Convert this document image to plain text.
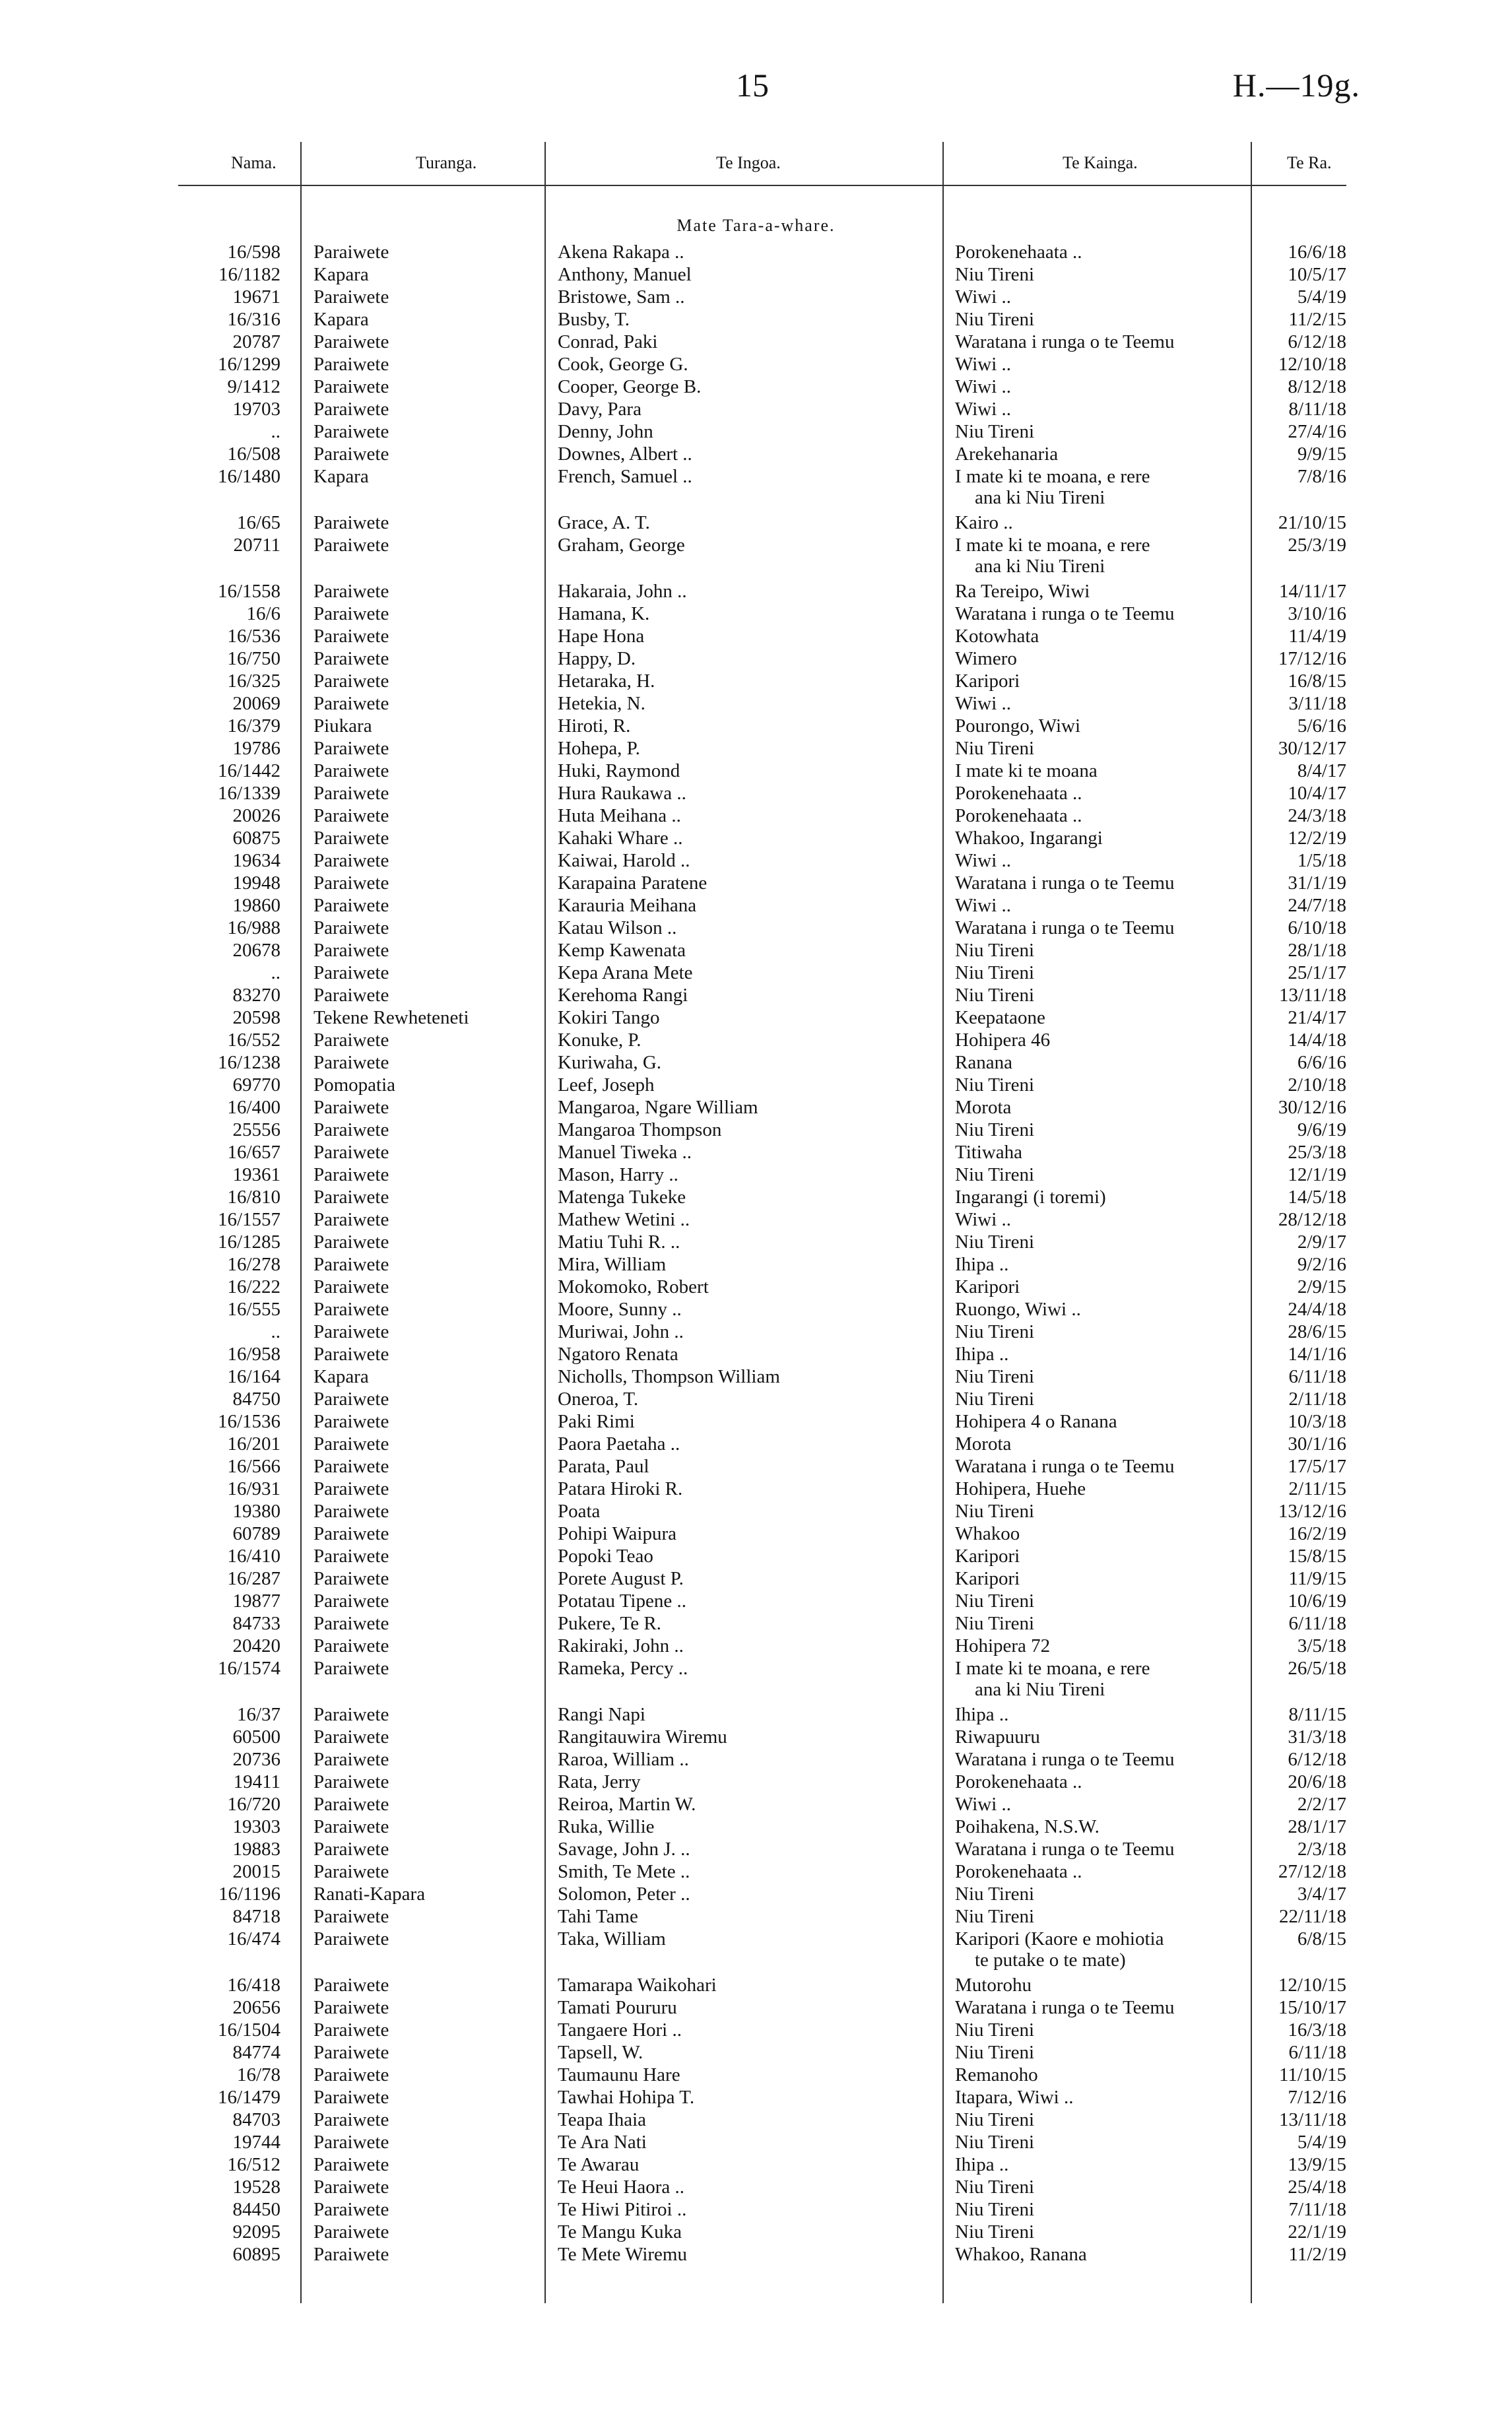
15	H.—19g.
Nama.	Turanga.	Te Ingoa.	Te Kainga.	Te Ra.
Mate Tara-a-whare.
16/598 Paraiwete	Akena Rakapa ..	Porokenehaata ..	16/6/18
16/1182 Kapara	Anthony, Manuel	Niu Tireni	10/5/17
19671 Paraiwete	Bristowe, Sam ..	Wiwi ..	5/4/19
16/316 Kapara	Busby, T.	Niu Tireni	11/2/15
20787 Paraiwete	Conrad, Paki	Waratana i runga o te Teemu	6/12/18
16/1299 Paraiwete	Cook, George G.	Wiwi ..	12/10/18
9/1412 Paraiwete	Cooper, George B.	Wiwi ..	8/12/18
19703 Paraiwete	Davy, Para	Wiwi ..	8/11/18
.. Paraiwete	Denny, John	Niu Tireni	27/4/16
16/508 Paraiwete	Downes, Albert ..	Arekehanaria	9/9/15
16/1480 Kapara	French, Samuel ..	I mate ki te moana, e rere	7/8/16
ana ki Niu Tireni
16/65 Paraiwete	Grace, A. T.	Kairo ..	21/10/15
20711 Paraiwete	Graham, George	I mate ki te moana, e rere	25/3/19
ana ki Niu Tireni
16/1558 Paraiwete	Hakaraia, John ..	Ra Tereipo, Wiwi	14/11/17
16/6 Paraiwete	Hamana, K.	Waratana i runga o te Teemu	3/10/16
16/536 Paraiwete	Hape Hona	Kotowhata	11/4/19
16/750 Paraiwete	Happy, D.	Wimero	17/12/16
16/325 Paraiwete	Hetaraka, H.	Karipori	16/8/15
20069 Paraiwete	Hetekia, N.	Wiwi ..	3/11/18
16/379 Piukara	Hiroti, R.	Pourongo, Wiwi	5/6/16
19786 Paraiwete	Hohepa, P.	Niu Tireni	30/12/17
16/1442 Paraiwete	Huki, Raymond	I mate ki te moana	8/4/17
16/1339 Paraiwete	Hura Raukawa ..	Porokenehaata ..	10/4/17
20026 Paraiwete	Huta Meihana ..	Porokenehaata ..	24/3/18
60875 Paraiwete	Kahaki Whare ..	Whakoo, Ingarangi	12/2/19
19634 Paraiwete	Kaiwai, Harold ..	Wiwi ..	1/5/18
19948 Paraiwete	Karapaina Paratene	Waratana i runga o te Teemu	31/1/19
19860 Paraiwete	Karauria Meihana	Wiwi ..	24/7/18
16/988 Paraiwete	Katau Wilson ..	Waratana i runga o te Teemu	6/10/18
20678 Paraiwete	Kemp Kawenata	Niu Tireni	28/1/18
.. Paraiwete	Kepa Arana Mete	Niu Tireni	25/1/17
83270 Paraiwete	Kerehoma Rangi	Niu Tireni	13/11/18
20598 Tekene Rewheteneti	Kokiri Tango	Keepataone	21/4/17
16/552 Paraiwete	Konuke, P.	Hohipera 46	14/4/18
16/1238 Paraiwete	Kuriwaha, G.	Ranana	6/6/16
69770 Pomopatia	Leef, Joseph	Niu Tireni	2/10/18
16/400 Paraiwete	Mangaroa, Ngare William	Morota	30/12/16
25556 Paraiwete	Mangaroa Thompson	Niu Tireni	9/6/19
16/657 Paraiwete	Manuel Tiweka ..	Titiwaha	25/3/18
19361 Paraiwete	Mason, Harry ..	Niu Tireni	12/1/19
16/810 Paraiwete	Matenga Tukeke	Ingarangi (i toremi)	14/5/18
16/1557 Paraiwete	Mathew Wetini ..	Wiwi ..	28/12/18
16/1285 Paraiwete	Matiu Tuhi R. ..	Niu Tireni	2/9/17
16/278 Paraiwete	Mira, William	Ihipa ..	9/2/16
16/222 Paraiwete	Mokomoko, Robert	Karipori	2/9/15
16/555 Paraiwete	Moore, Sunny ..	Ruongo, Wiwi ..	24/4/18
.. Paraiwete	Muriwai, John ..	Niu Tireni	28/6/15
16/958 Paraiwete	Ngatoro Renata	Ihipa ..	14/1/16
16/164 Kapara	Nicholls, Thompson William	Niu Tireni	6/11/18
84750 Paraiwete	Oneroa, T.	Niu Tireni	2/11/18
16/1536 Paraiwete	Paki Rimi	Hohipera 4 o Ranana	10/3/18
16/201 Paraiwete	Paora Paetaha ..	Morota	30/1/16
16/566 Paraiwete	Parata, Paul	Waratana i runga o te Teemu	17/5/17
16/931 Paraiwete	Patara Hiroki R.	Hohipera, Huehe	2/11/15
19380 Paraiwete	Poata	Niu Tireni	13/12/16
60789 Paraiwete	Pohipi Waipura	Whakoo	16/2/19
16/410 Paraiwete	Popoki Teao	Karipori	15/8/15
16/287 Paraiwete	Porete August P.	Karipori	11/9/15
19877 Paraiwete	Potatau Tipene ..	Niu Tireni	10/6/19
84733 Paraiwete	Pukere, Te R.	Niu Tireni	6/11/18
20420 Paraiwete	Rakiraki, John ..	Hohipera 72	3/5/18
16/1574 Paraiwete	Rameka, Percy ..	I mate ki te moana, e rere	26/5/18
ana ki Niu Tireni
16/37 Paraiwete	Rangi Napi	Ihipa ..	8/11/15
60500 Paraiwete	Rangitauwira Wiremu	Riwapuuru	31/3/18
20736 Paraiwete	Raroa, William ..	Waratana i runga o te Teemu	6/12/18
19411 Paraiwete	Rata, Jerry	Porokenehaata ..	20/6/18
16/720 Paraiwete	Reiroa, Martin W.	Wiwi ..	2/2/17
19303 Paraiwete	Ruka, Willie	Poihakena, N.S.W.	28/1/17
19883 Paraiwete	Savage, John J. ..	Waratana i runga o te Teemu	2/3/18
20015 Paraiwete	Smith, Te Mete ..	Porokenehaata ..	27/12/18
16/1196 Ranati-Kapara	Solomon, Peter ..	Niu Tireni	3/4/17
84718 Paraiwete	Tahi Tame	Niu Tireni	22/11/18
16/474 Paraiwete	Taka, William	Karipori (Kaore e mohiotia	6/8/15
te putake o te mate)
16/418 Paraiwete	Tamarapa Waikohari	Mutorohu	12/10/15
20656 Paraiwete	Tamati Poururu	Waratana i runga o te Teemu	15/10/17
16/1504 Paraiwete	Tangaere Hori ..	Niu Tireni	16/3/18
84774 Paraiwete	Tapsell, W.	Niu Tireni	6/11/18
16/78 Paraiwete	Taumaunu Hare	Remanoho	11/10/15
16/1479 Paraiwete	Tawhai Hohipa T.	Itapara, Wiwi ..	7/12/16
84703 Paraiwete	Teapa Ihaia	Niu Tireni	13/11/18
19744 Paraiwete	Te Ara Nati	Niu Tireni	5/4/19
16/512 Paraiwete	Te Awarau	Ihipa ..	13/9/15
19528 Paraiwete	Te Heui Haora ..	Niu Tireni	25/4/18
84450 Paraiwete	Te Hiwi Pitiroi ..	Niu Tireni	7/11/18
92095 Paraiwete	Te Mangu Kuka	Niu Tireni	22/1/19
60895 Paraiwete	Te Mete Wiremu	Whakoo, Ranana	11/2/19
